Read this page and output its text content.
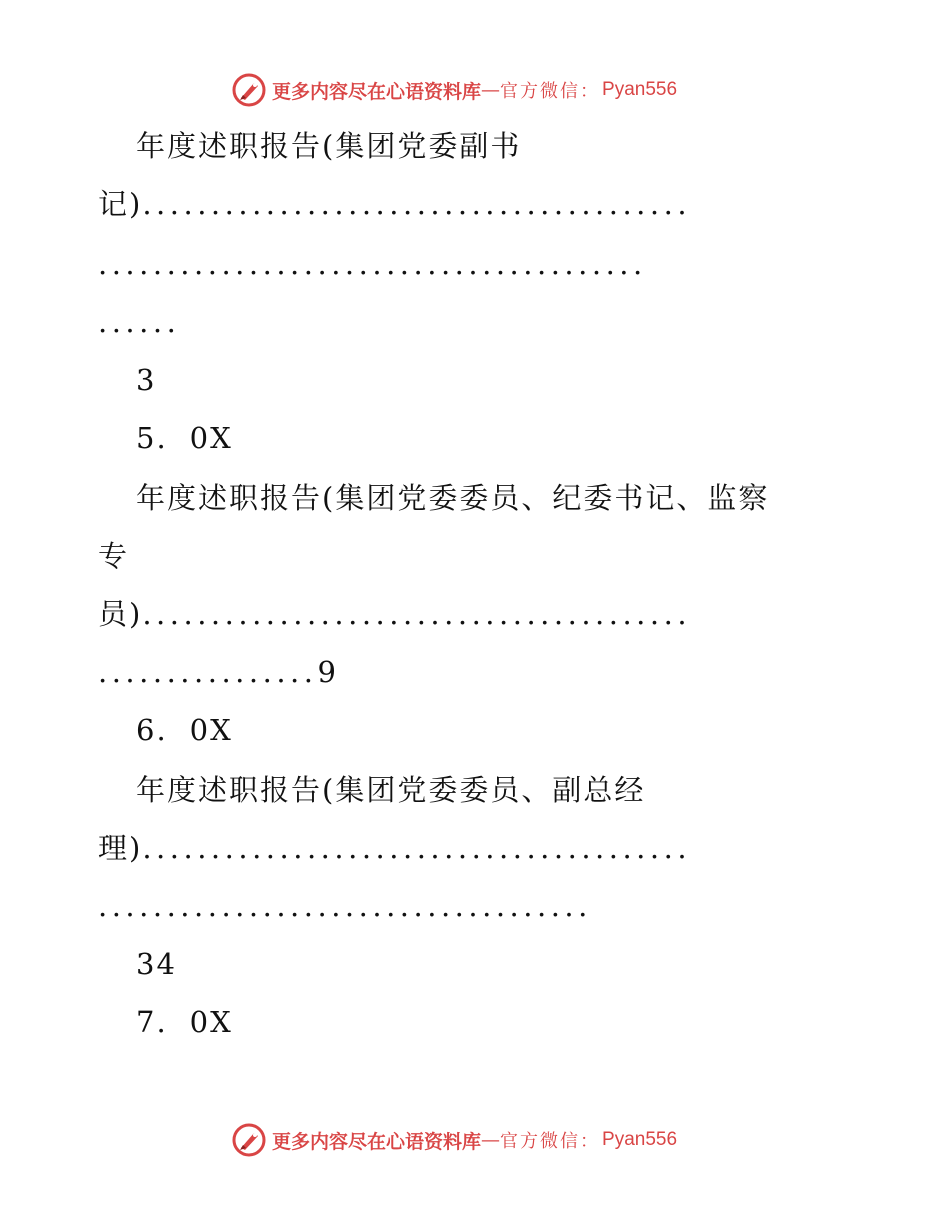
更多内容尽在心语资料库 — 官方微信： Pyan556
年度述职报告(集团党委副书
记)........................................
........................................
......
3
5. 0X
年度述职报告(集团党委委员、纪委书记、监察
专
员)........................................
................9
6. 0X
年度述职报告(集团党委委员、副总经
理)........................................
....................................
34
7. 0X
更多内容尽在心语资料库 — 官方微信： Pyan556
